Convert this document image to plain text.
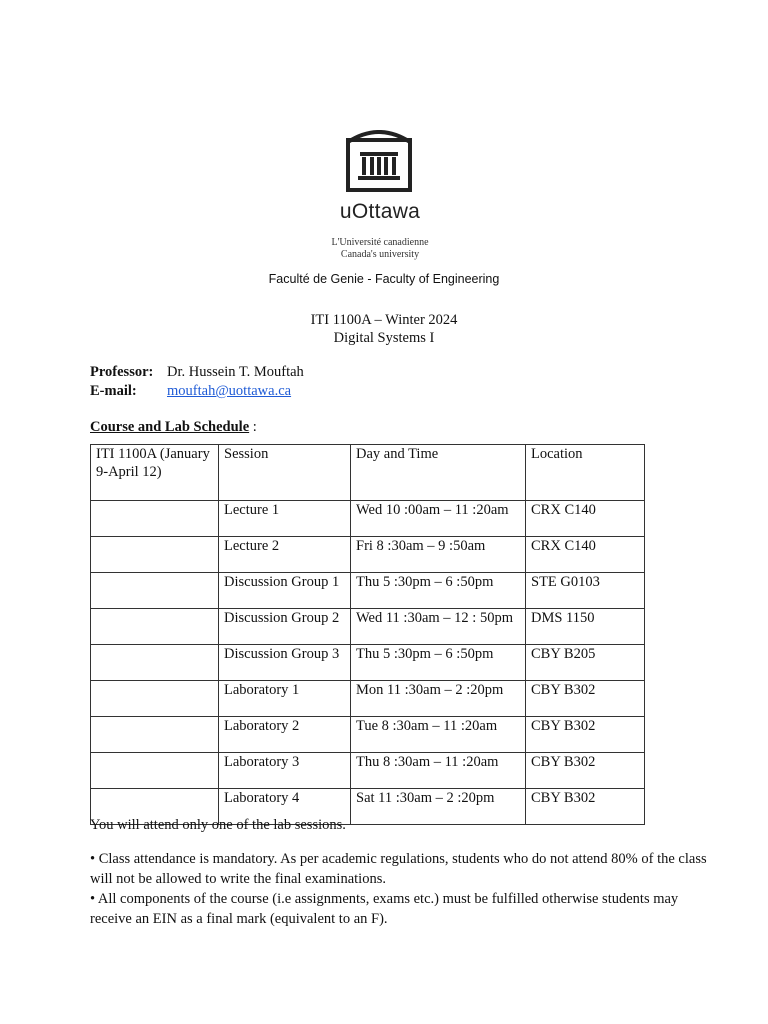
uOttawa
L'Université canadienne
Canada's university
Faculté de Genie - Faculty of Engineering
ITI 1100A – Winter 2024
Digital Systems I
Professor: Dr. Hussein T. Mouftah
E-mail: mouftah@uottawa.ca
Course and Lab Schedule :
ITI 1100A (January 9-April 12)	Session	Day and Time	Location
	Lecture 1	Wed 10 :00am – 11 :20am	CRX C140
	Lecture 2	Fri 8 :30am – 9 :50am	CRX C140
	Discussion Group 1	Thu 5 :30pm – 6 :50pm	STE G0103
	Discussion Group 2	Wed 11 :30am – 12 : 50pm	DMS 1150
	Discussion Group 3	Thu 5 :30pm – 6 :50pm	CBY B205
	Laboratory 1	Mon 11 :30am – 2 :20pm	CBY B302
	Laboratory 2	Tue 8 :30am – 11 :20am	CBY B302
	Laboratory 3	Thu 8 :30am – 11 :20am	CBY B302
	Laboratory 4	Sat 11 :30am – 2 :20pm	CBY B302
You will attend only one of the lab sessions.
• Class attendance is mandatory. As per academic regulations, students who do not attend 80% of the class will not be allowed to write the final examinations.
• All components of the course (i.e assignments, exams etc.) must be fulfilled otherwise students may receive an EIN as a final mark (equivalent to an F).
